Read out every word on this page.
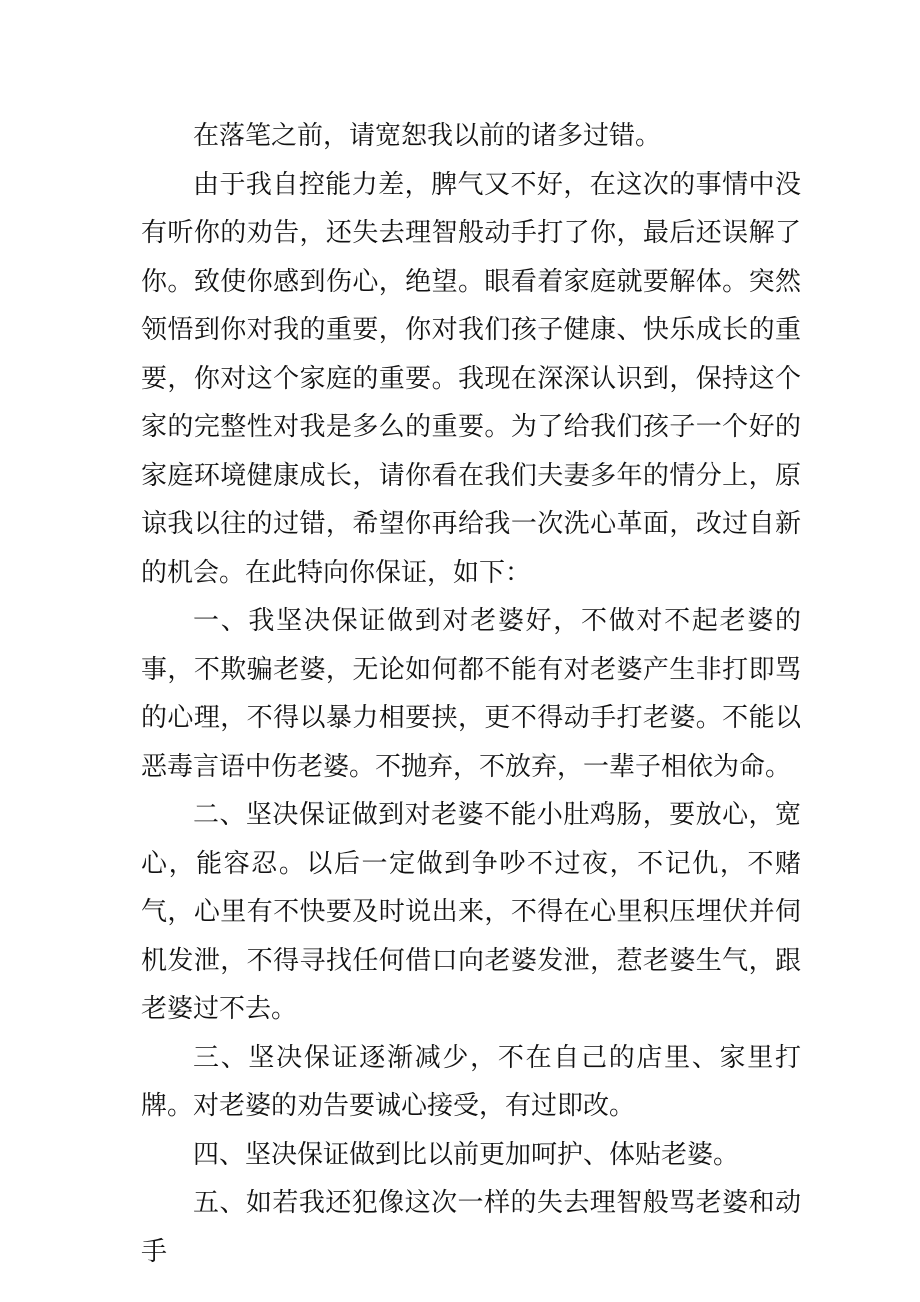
在落笔之前，请宽恕我以前的诸多过错。

由于我自控能力差，脾气又不好，在这次的事情中没有听你的劝告，还失去理智般动手打了你，最后还误解了你。致使你感到伤心，绝望。眼看着家庭就要解体。突然领悟到你对我的重要，你对我们孩子健康、快乐成长的重要，你对这个家庭的重要。我现在深深认识到，保持这个家的完整性对我是多么的重要。为了给我们孩子一个好的家庭环境健康成长，请你看在我们夫妻多年的情分上，原谅我以往的过错，希望你再给我一次洗心革面，改过自新的机会。在此特向你保证，如下：

一、我坚决保证做到对老婆好，不做对不起老婆的事，不欺骗老婆，无论如何都不能有对老婆产生非打即骂的心理，不得以暴力相要挟，更不得动手打老婆。不能以恶毒言语中伤老婆。不抛弃，不放弃，一辈子相依为命。

二、坚决保证做到对老婆不能小肚鸡肠，要放心，宽心，能容忍。以后一定做到争吵不过夜，不记仇，不赌气，心里有不快要及时说出来，不得在心里积压埋伏并伺机发泄，不得寻找任何借口向老婆发泄，惹老婆生气，跟老婆过不去。

三、坚决保证逐渐减少，不在自己的店里、家里打牌。对老婆的劝告要诚心接受，有过即改。

四、坚决保证做到比以前更加呵护、体贴老婆。

五、如若我还犯像这次一样的失去理智般骂老婆和动手
